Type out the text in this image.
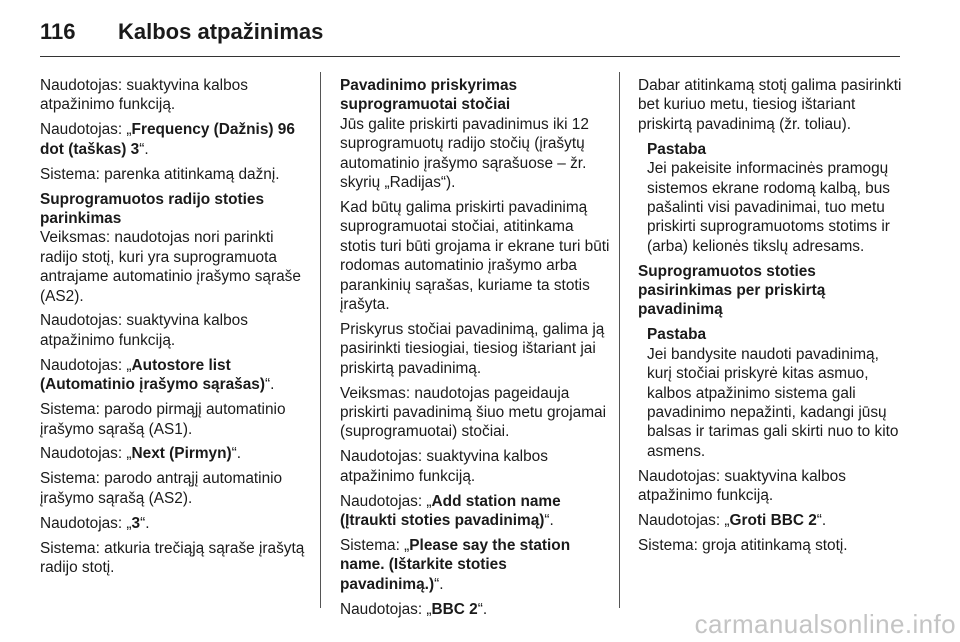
116	Kalbos atpažinimas

Naudotojas: suaktyvina kalbos atpažinimo funkciją.

Naudotojas: „Frequency (Dažnis) 96 dot (taškas) 3“.

Sistema: parenka atitinkamą dažnį.

Suprogramuotos radijo stoties parinkimas

Veiksmas: naudotojas nori parinkti radijo stotį, kuri yra suprogramuota antrajame automatinio įrašymo sąraše (AS2).

Naudotojas: suaktyvina kalbos atpažinimo funkciją.

Naudotojas: „Autostore list (Automatinio įrašymo sąrašas)“.

Sistema: parodo pirmąjį automatinio įrašymo sąrašą (AS1).

Naudotojas: „Next (Pirmyn)“.

Sistema: parodo antrąjį automatinio įrašymo sąrašą (AS2).

Naudotojas: „3“.

Sistema: atkuria trečiąją sąraše įrašytą radijo stotį.

Pavadinimo priskyrimas suprogramuotai stočiai

Jūs galite priskirti pavadinimus iki 12 suprogramuotų radijo stočių (įrašytų automatinio įrašymo sąrašuose – žr. skyrių „Radijas“).

Kad būtų galima priskirti pavadinimą suprogramuotai stočiai, atitinkama stotis turi būti grojama ir ekrane turi būti rodomas automatinio įrašymo arba parankinių sąrašas, kuriame ta stotis įrašyta.

Priskyrus stočiai pavadinimą, galima ją pasirinkti tiesiogiai, tiesiog ištariant jai priskirtą pavadinimą.

Veiksmas: naudotojas pageidauja priskirti pavadinimą šiuo metu grojamai (suprogramuotai) stočiai.

Naudotojas: suaktyvina kalbos atpažinimo funkciją.

Naudotojas: „Add station name (Įtraukti stoties pavadinimą)“.

Sistema: „Please say the station name. (Ištarkite stoties pavadinimą.)“.

Naudotojas: „BBC 2“.

Dabar atitinkamą stotį galima pasirinkti bet kuriuo metu, tiesiog ištariant priskirtą pavadinimą (žr. toliau).

Pastaba
Jei pakeisite informacinės pramogų sistemos ekrane rodomą kalbą, bus pašalinti visi pavadinimai, tuo metu priskirti suprogramuotoms stotims ir (arba) kelionės tikslų adresams.

Suprogramuotos stoties pasirinkimas per priskirtą pavadinimą

Pastaba
Jei bandysite naudoti pavadinimą, kurį stočiai priskyrė kitas asmuo, kalbos atpažinimo sistema gali pavadinimo nepažinti, kadangi jūsų balsas ir tarimas gali skirti nuo to kito asmens.

Naudotojas: suaktyvina kalbos atpažinimo funkciją.

Naudotojas: „Groti BBC 2“.

Sistema: groja atitinkamą stotį.

carmanualsonline.info
